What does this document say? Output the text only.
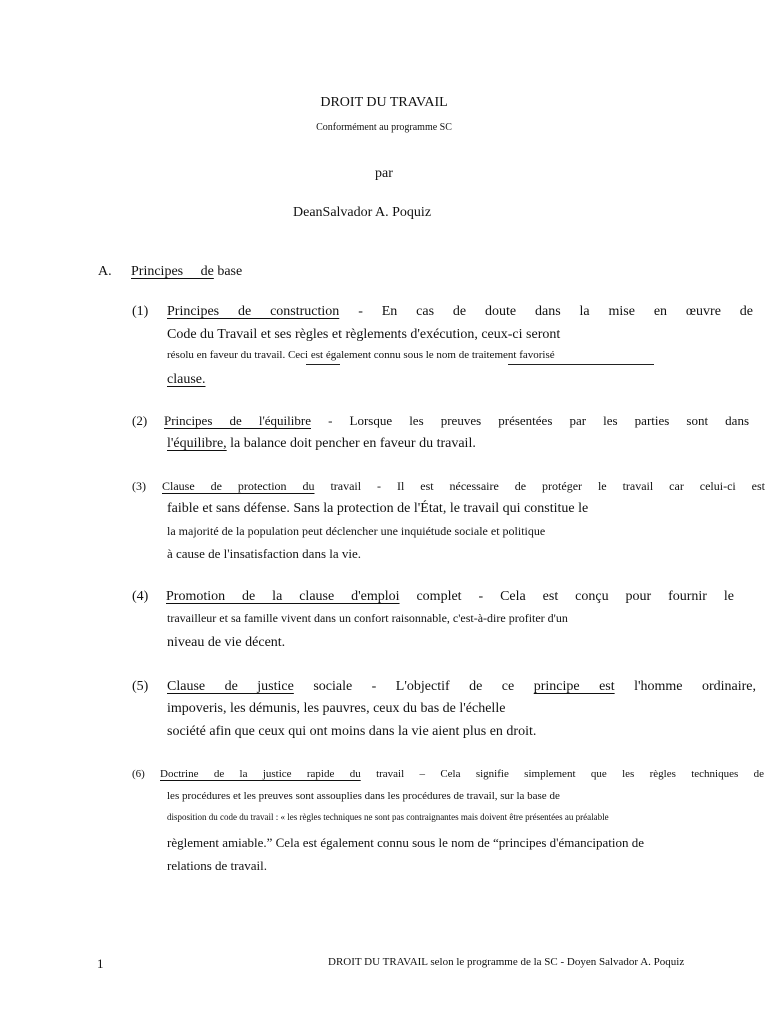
DROIT DU TRAVAIL
Conformément au programme SC
par
DeanSalvador A. Poquiz
A. Principes de base
(1) Principes de construction - En cas de doute dans la mise en œuvre de
Code du Travail et ses règles et règlements d'exécution, ceux-ci seront
résolu en faveur du travail. Ceci est également connu sous le nom de traitement favorisé
clause.
(2) Principes de l'équilibre - Lorsque les preuves présentées par les parties sont dans
l'équilibre, la balance doit pencher en faveur du travail.
(3) Clause de protection du travail - Il est nécessaire de protéger le travail car celui-ci est
faible et sans défense. Sans la protection de l'État, le travail qui constitue le
la majorité de la population peut déclencher une inquiétude sociale et politique
à cause de l'insatisfaction dans la vie.
(4) Promotion de la clause d'emploi complet - Cela est conçu pour fournir le
travailleur et sa famille vivent dans un confort raisonnable, c'est-à-dire profiter d'un
niveau de vie décent.
(5) Clause de justice sociale - L'objectif de ce principe est l'homme ordinaire,
impoveris, les démunis, les pauvres, ceux du bas de l'échelle
société afin que ceux qui ont moins dans la vie aient plus en droit.
(6) Doctrine de la justice rapide du travail – Cela signifie simplement que les règles techniques de
les procédures et les preuves sont assouplies dans les procédures de travail, sur la base de
disposition du code du travail : « les règles techniques ne sont pas contraignantes mais doivent être présentées au préalable
règlement amiable.” Cela est également connu sous le nom de “principes d'émancipation de
relations de travail.
1	DROIT DU TRAVAIL selon le programme de la SC - Doyen Salvador A. Poquiz
